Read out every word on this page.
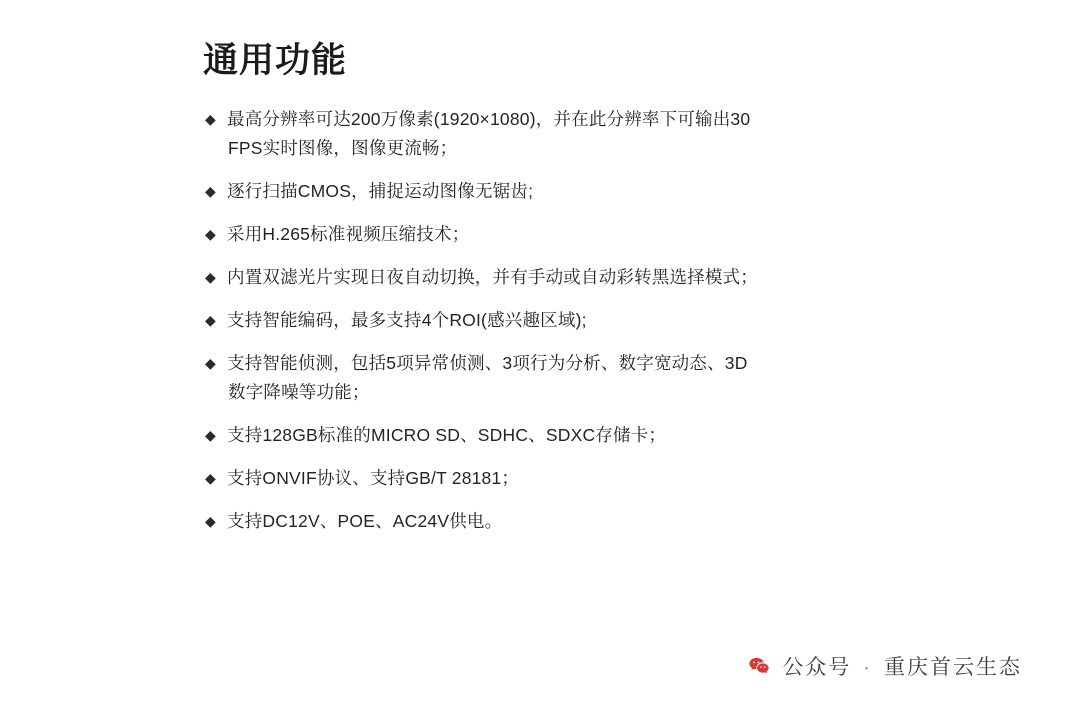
通用功能
◆ 最高分辨率可达200万像素(1920×1080)，并在此分辨率下可输出30
FPS实时图像，图像更流畅；
◆ 逐行扫描CMOS，捕捉运动图像无锯齿;
◆ 采用H.265标准视频压缩技术；
◆ 内置双滤光片实现日夜自动切换，并有手动或自动彩转黑选择模式；
◆ 支持智能编码，最多支持4个ROI(感兴趣区域);
◆ 支持智能侦测，包括5项异常侦测、3项行为分析、数字宽动态、3D
数字降噪等功能；
◆ 支持128GB标准的MICRO SD、SDHC、SDXC存储卡；
◆ 支持ONVIF协议、支持GB/T 28181；
◆ 支持DC12V、POE、AC24V供电。
公众号 · 重庆首云生态
